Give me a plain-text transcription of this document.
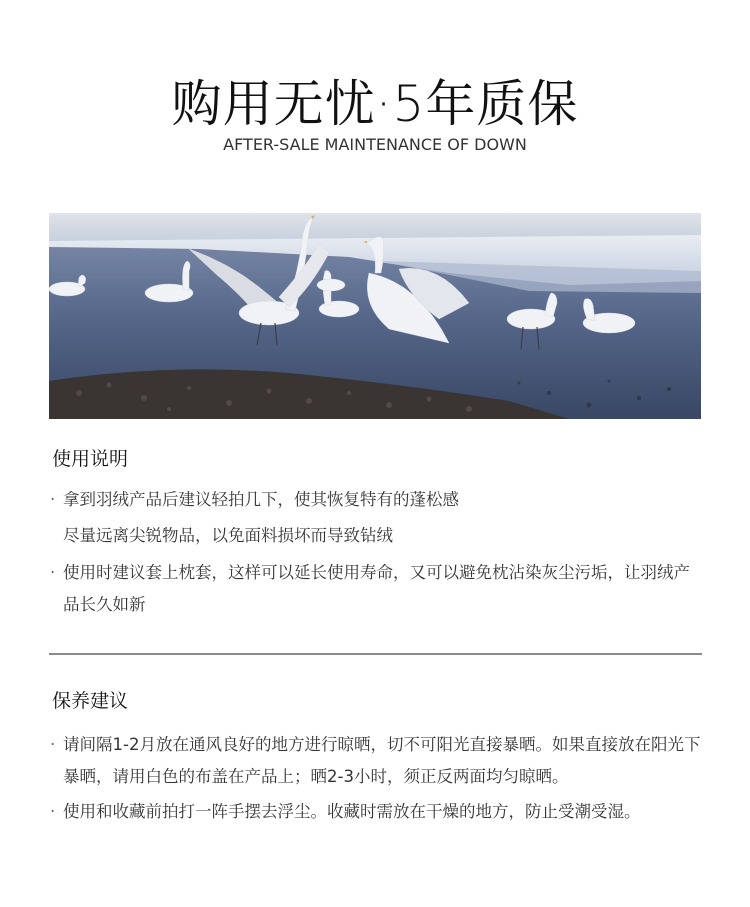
购用无忧·5年质保
AFTER-SALE MAINTENANCE OF DOWN
使用说明
· 拿到羽绒产品后建议轻拍几下，使其恢复特有的蓬松感
尽量远离尖锐物品，以免面料损坏而导致钻绒
· 使用时建议套上枕套，这样可以延长使用寿命，又可以避免枕沾染灰尘污垢，让羽绒产品长久如新
保养建议
· 请间隔1-2月放在通风良好的地方进行晾晒，切不可阳光直接暴晒。如果直接放在阳光下暴晒，请用白色的布盖在产品上；晒2-3小时，须正反两面均匀晾晒。
· 使用和收藏前拍打一阵手摆去浮尘。收藏时需放在干燥的地方，防止受潮受湿。
